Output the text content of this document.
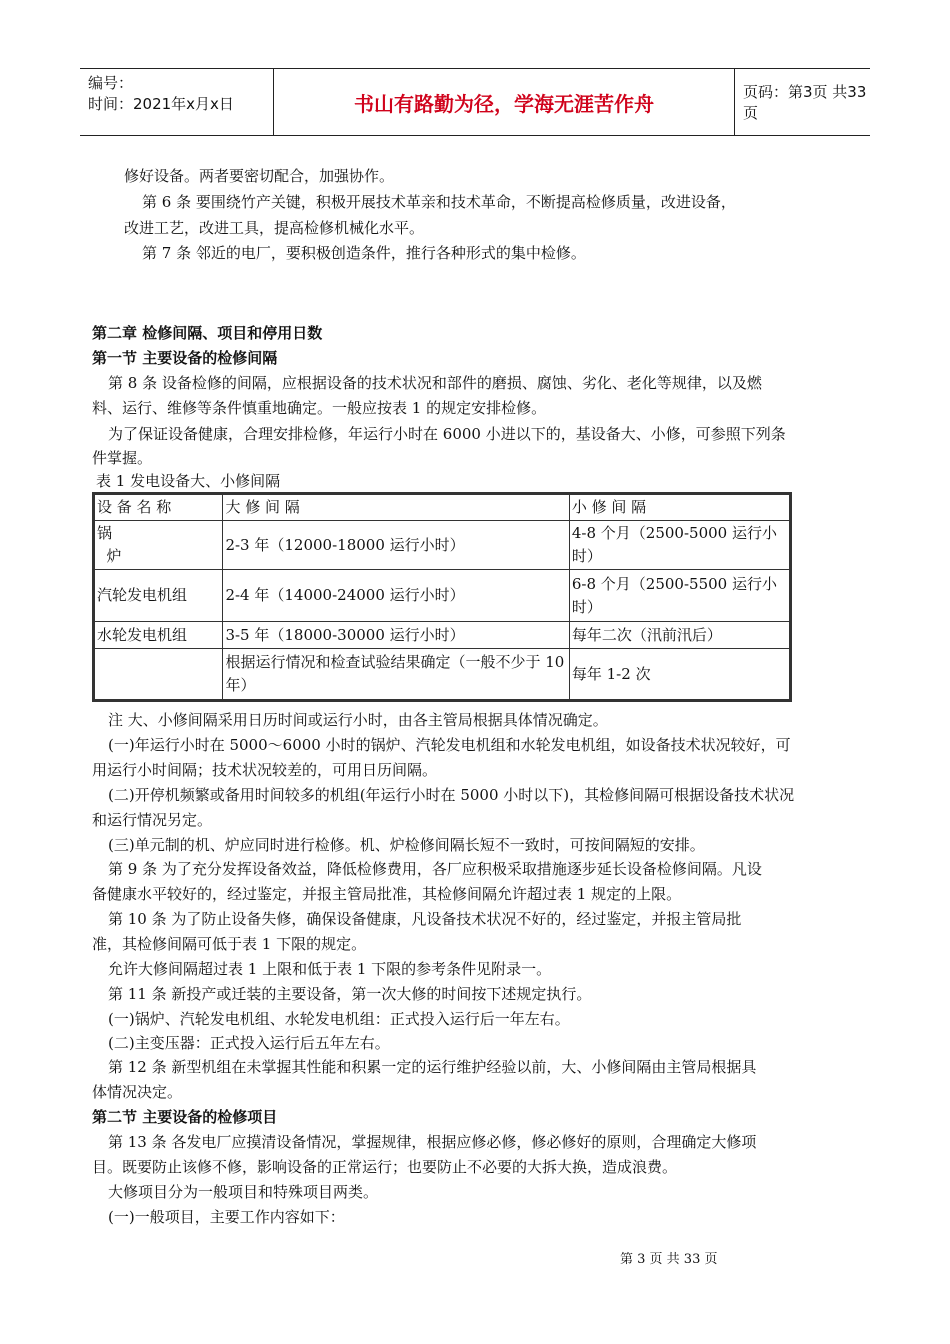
编号：
时间：2021年x月x日	书山有路勤为径，学海无涯苦作舟	页码：第3页 共33页
修好设备。两者要密切配合，加强协作。
第 6 条 要围绕竹产关键，积极开展技术革亲和技术革命，不断提高检修质量，改进设备，
改进工艺，改进工具，提高检修机械化水平。
第 7 条 邻近的电厂，要积极创造条件，推行各种形式的集中检修。
第二章 检修间隔、项目和停用日数
第一节 主要设备的检修间隔
第 8 条 设备检修的间隔，应根据设备的技术状况和部件的磨损、腐蚀、劣化、老化等规律，以及燃
料、运行、维修等条件慎重地确定。一般应按表 1 的规定安排检修。
为了保证设备健康，合理安排检修，年运行小时在 6000 小进以下的，基设备大、小修，可参照下列条
件掌握。
表 1 发电设备大、小修间隔
设 备 名 称	大 修 间 隔	小 修 间 隔

锅
炉	2-3 年（12000-18000 运行小时）	4-8 个月（2500-5000 运行小时）
汽轮发电机组	2-4 年（14000-24000 运行小时）	6-8 个月（2500-5500 运行小时）
水轮发电机组	3-5 年（18000-30000 运行小时）	每年二次（汛前汛后）
	根据运行情况和检查试验结果确定（一般不少于 10 年）	每年 1-2 次
注 大、小修间隔采用日历时间或运行小时，由各主管局根据具体情况确定。
(一)年运行小时在 5000～6000 小时的锅炉、汽轮发电机组和水轮发电机组，如设备技术状况较好，可
用运行小时间隔；技术状况较差的，可用日历间隔。
(二)开停机频繁或备用时间较多的机组(年运行小时在 5000 小时以下)，其检修间隔可根据设备技术状况
和运行情况另定。
(三)单元制的机、炉应同时进行检修。机、炉检修间隔长短不一致时，可按间隔短的安排。
第 9 条 为了充分发挥设备效益，降低检修费用，各厂应积极采取措施逐步延长设备检修间隔。凡设
备健康水平较好的，经过鉴定，并报主管局批准，其检修间隔允许超过表 1 规定的上限。
第 10 条 为了防止设备失修，确保设备健康，凡设备技术状况不好的，经过鉴定，并报主管局批
准，其检修间隔可低于表 1 下限的规定。
允许大修间隔超过表 1 上限和低于表 1 下限的参考条件见附录一。
第 11 条 新投产或迁装的主要设备，第一次大修的时间按下述规定执行。
(一)锅炉、汽轮发电机组、水轮发电机组：正式投入运行后一年左右。
(二)主变压器：正式投入运行后五年左右。
第 12 条 新型机组在未掌握其性能和积累一定的运行维护经验以前，大、小修间隔由主管局根据具
体情况决定。
第二节 主要设备的检修项目
第 13 条 各发电厂应摸清设备情况，掌握规律，根据应修必修，修必修好的原则，合理确定大修项
目。既要防止该修不修，影响设备的正常运行；也要防止不必要的大拆大换，造成浪费。
大修项目分为一般项目和特殊项目两类。
(一)一般项目，主要工作内容如下：
第 3 页 共 33 页
